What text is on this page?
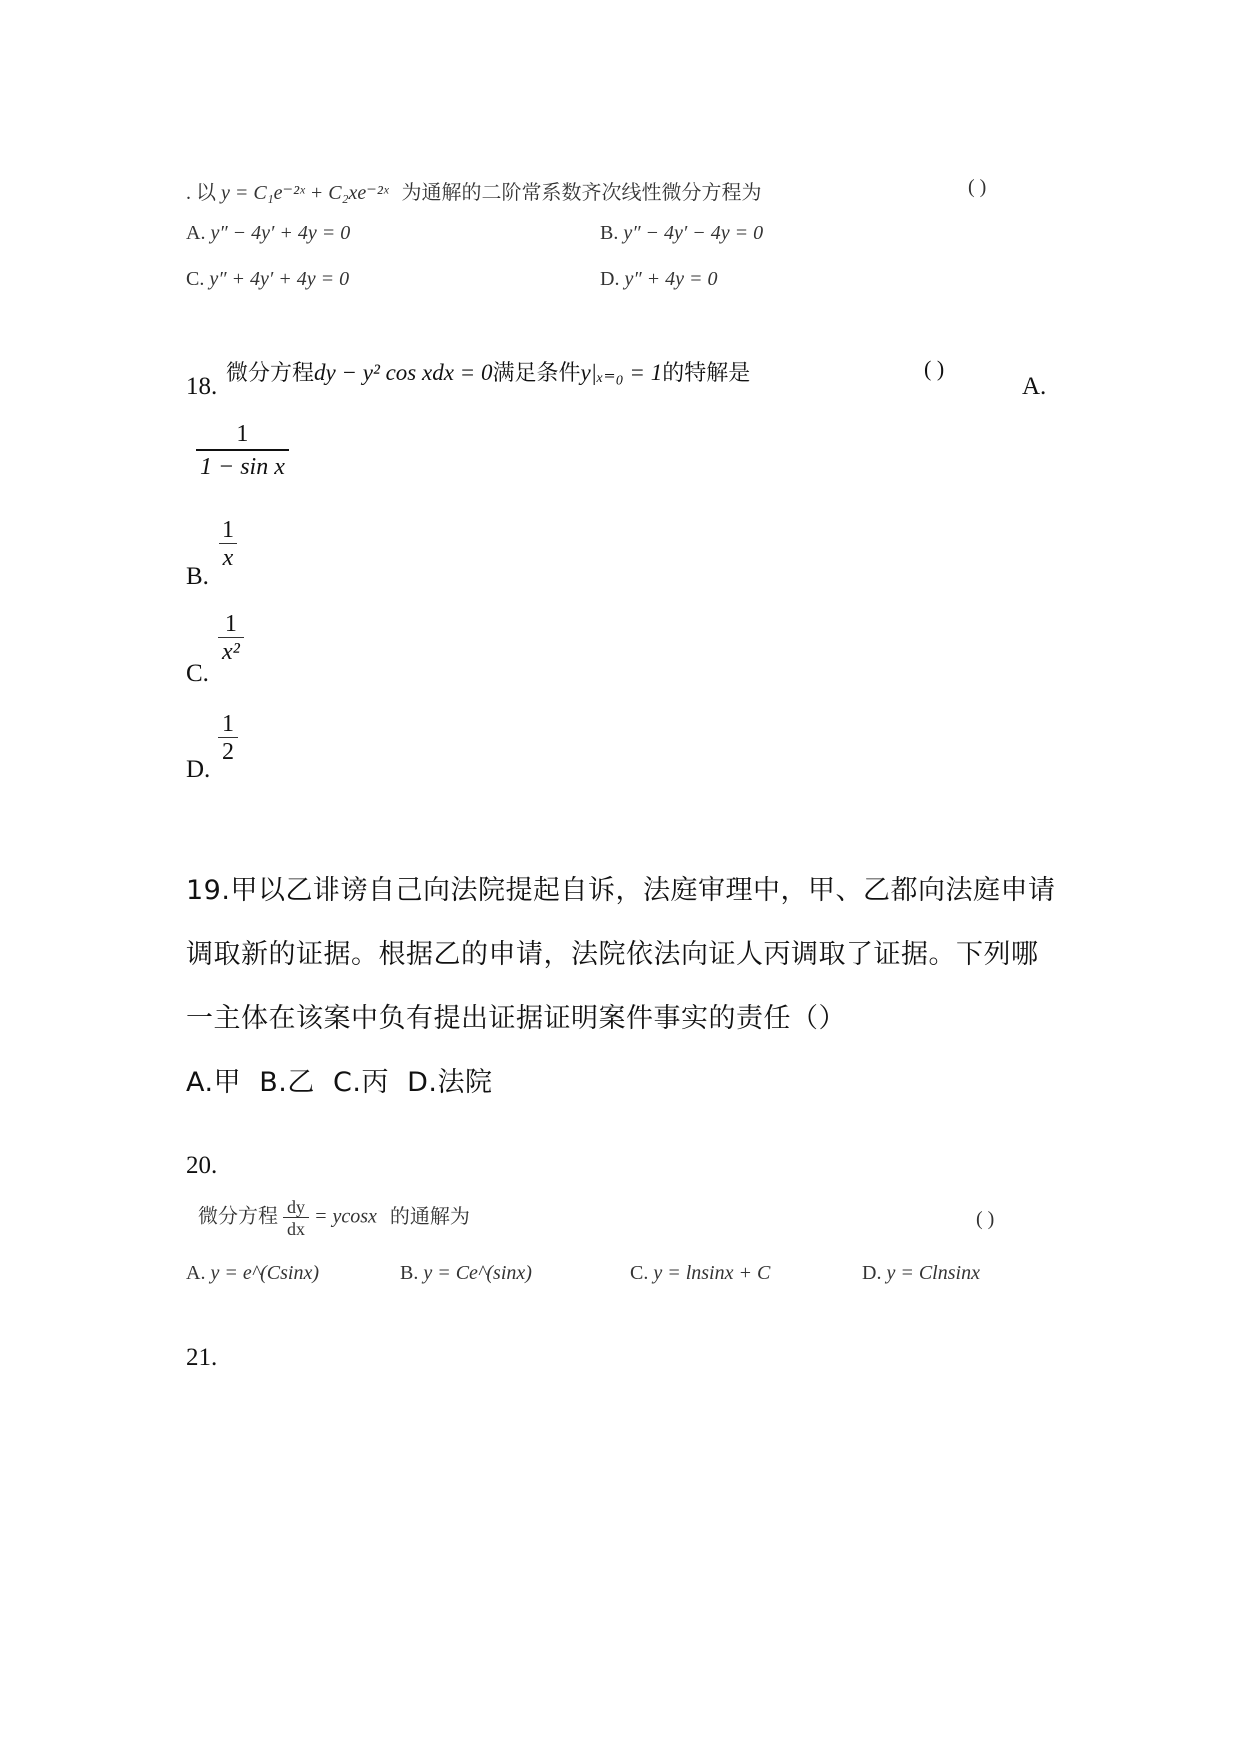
. 以 y = C₁e⁻²ˣ + C₂xe⁻²ˣ 为通解的二阶常系数齐次线性微分方程为	( )
A. y″ − 4y′ + 4y = 0	B. y″ − 4y′ − 4y = 0
C. y″ + 4y′ + 4y = 0	D. y″ + 4y = 0
18. 微分方程dy − y² cos xdx = 0满足条件y|ₓ₌₀ = 1的特解是	( )
A.
$\frac{1}{\text{1 − sin x}}$
B.
$\frac{1}{x}$
C.
$\frac{1}{\text{x²}}$
D.
$\frac{1}{2}$
19.甲以乙诽谤自己向法院提起自诉，法庭审理中，甲、乙都向法庭申请
调取新的证据。根据乙的申请，法院依法向证人丙调取了证据。下列哪
一主体在该案中负有提出证据证明案件事实的责任（）
A.甲  B.乙  C.丙  D.法院
20.
微分方程 $\frac{dy}{dx} = ycosx$ 的通解为	( )
A. y = e^(Csinx)	B. y = Ce^(sinx)	C. y = lnsinx + C	D. y = Clnsinx
21.
